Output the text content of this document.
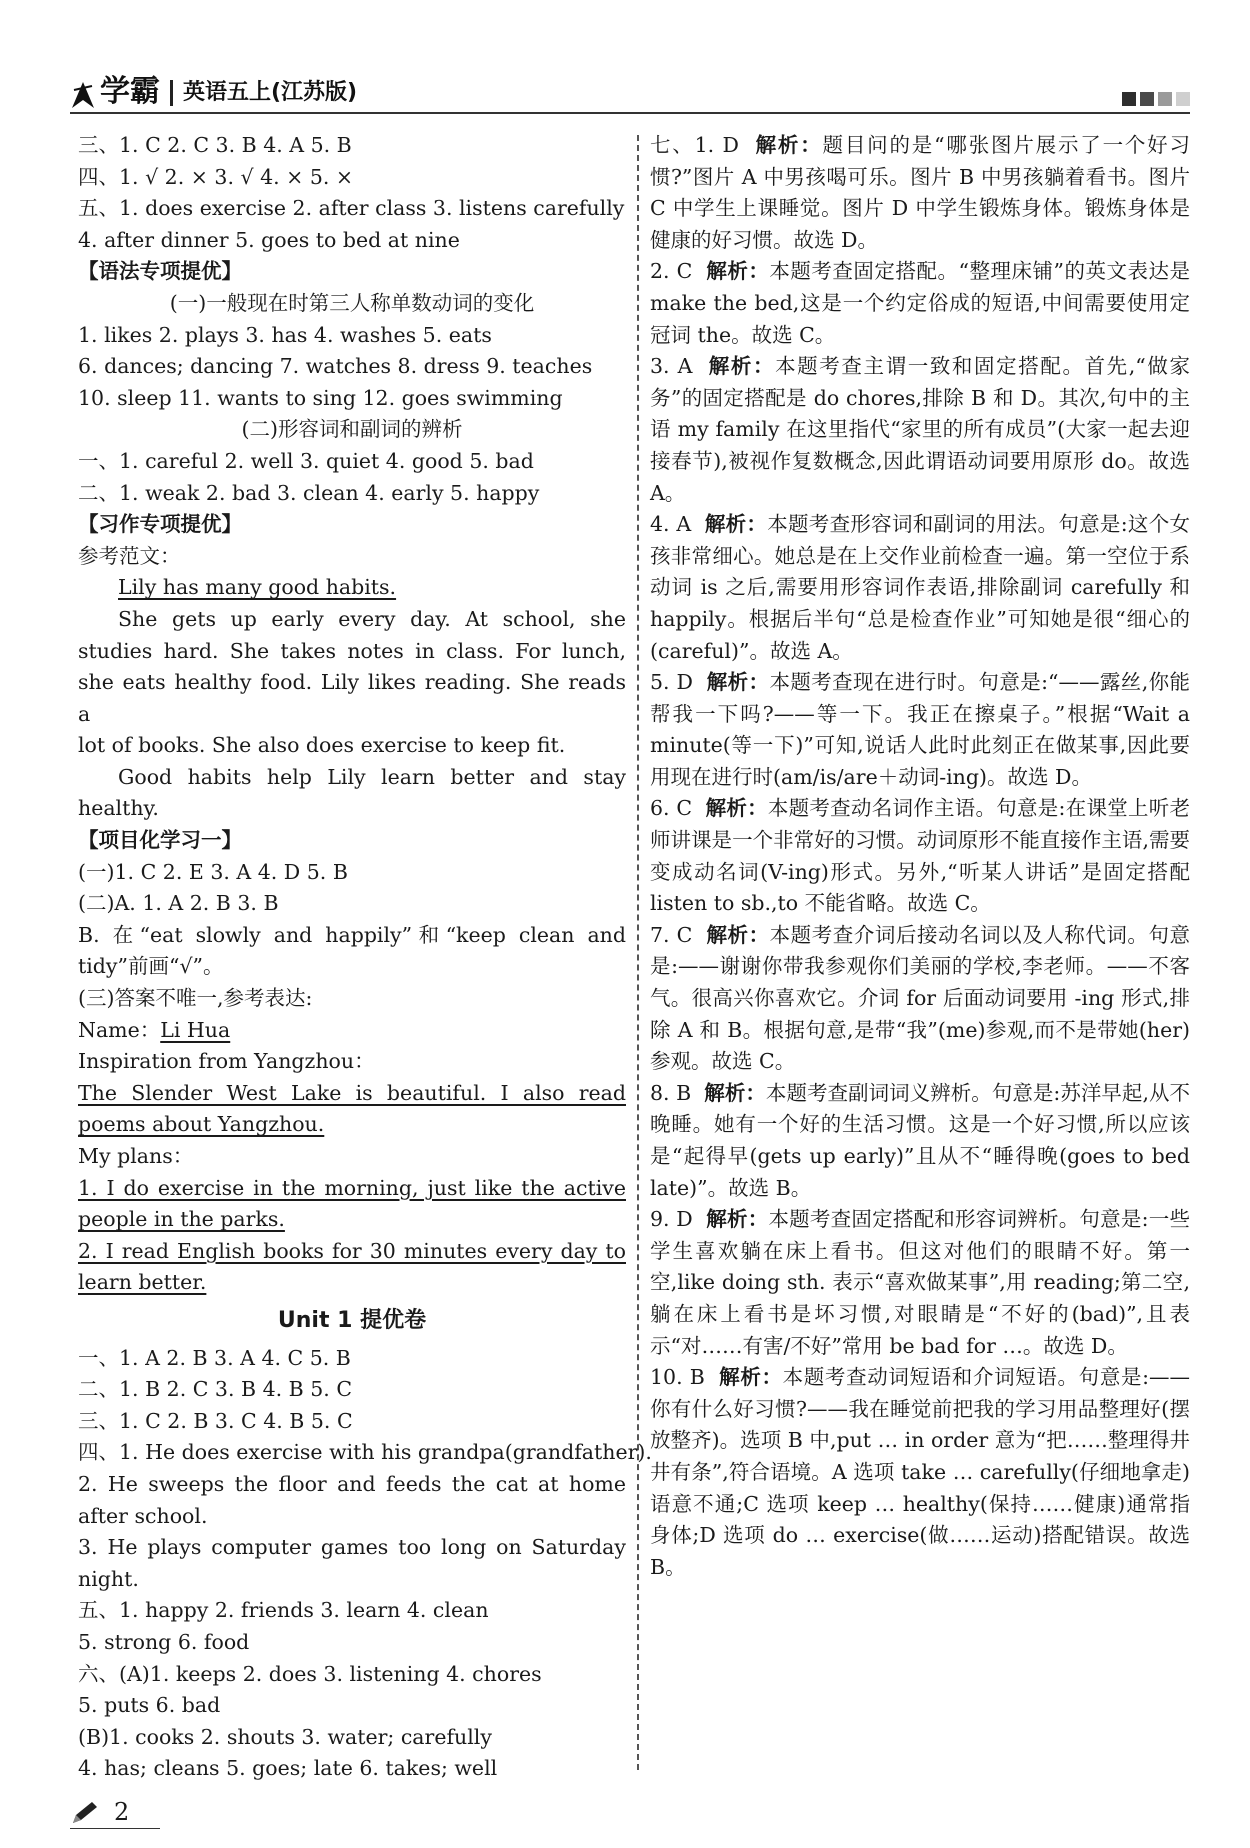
学霸 英语五上(江苏版)
三、1. C 2. C 3. B 4. A 5. B
四、1. √ 2. × 3. √ 4. × 5. ×
五、1. does exercise 2. after class 3. listens carefully
4. after dinner 5. goes to bed at nine
【语法专项提优】
(一)一般现在时第三人称单数动词的变化
1. likes 2. plays 3. has 4. washes 5. eats
6. dances; dancing 7. watches 8. dress 9. teaches
10. sleep 11. wants to sing 12. goes swimming
(二)形容词和副词的辨析
一、1. careful 2. well 3. quiet 4. good 5. bad
二、1. weak 2. bad 3. clean 4. early 5. happy
【习作专项提优】
参考范文：
Lily has many good habits.
She gets up early every day. At school, she
studies hard. She takes notes in class. For lunch,
she eats healthy food. Lily likes reading. She reads a
lot of books. She also does exercise to keep fit.
Good habits help Lily learn better and stay
healthy.
【项目化学习一】
(一)1. C 2. E 3. A 4. D 5. B
(二)A. 1. A 2. B 3. B
B. 在“eat slowly and happily”和“keep clean and
tidy”前画“√”。
(三)答案不唯一,参考表达:
Name：Li Hua
Inspiration from Yangzhou：
The Slender West Lake is beautiful. I also read
poems about Yangzhou.
My plans：
1. I do exercise in the morning, just like the active
people in the parks.
2. I read English books for 30 minutes every day to
learn better.
Unit 1 提优卷
一、1. A 2. B 3. A 4. C 5. B
二、1. B 2. C 3. B 4. B 5. C
三、1. C 2. B 3. C 4. B 5. C
四、1. He does exercise with his grandpa(grandfather).
2. He sweeps the floor and feeds the cat at home
after school.
3. He plays computer games too long on Saturday
night.
五、1. happy 2. friends 3. learn 4. clean
5. strong 6. food
六、(A)1. keeps 2. does 3. listening 4. chores
5. puts 6. bad
(B)1. cooks 2. shouts 3. water; carefully
4. has; cleans 5. goes; late 6. takes; well
七、1. D 解析：题目问的是“哪张图片展示了一个好习惯?”图片 A 中男孩喝可乐。图片 B 中男孩躺着看书。图片 C 中学生上课睡觉。图片 D 中学生锻炼身体。锻炼身体是健康的好习惯。故选 D。
2. C 解析：本题考查固定搭配。“整理床铺”的英文表达是 make the bed,这是一个约定俗成的短语,中间需要使用定冠词 the。故选 C。
3. A 解析：本题考查主谓一致和固定搭配。首先,“做家务”的固定搭配是 do chores,排除 B 和 D。其次,句中的主语 my family 在这里指代“家里的所有成员”(大家一起去迎接春节),被视作复数概念,因此谓语动词要用原形 do。故选 A。
4. A 解析：本题考查形容词和副词的用法。句意是:这个女孩非常细心。她总是在上交作业前检查一遍。第一空位于系动词 is 之后,需要用形容词作表语,排除副词 carefully 和 happily。根据后半句“总是检查作业”可知她是很“细心的(careful)”。故选 A。
5. D 解析：本题考查现在进行时。句意是:“——露丝,你能帮我一下吗?——等一下。我正在擦桌子。”根据“Wait a minute(等一下)”可知,说话人此时此刻正在做某事,因此要用现在进行时(am/is/are＋动词-ing)。故选 D。
6. C 解析：本题考查动名词作主语。句意是:在课堂上听老师讲课是一个非常好的习惯。动词原形不能直接作主语,需要变成动名词(V-ing)形式。另外,“听某人讲话”是固定搭配 listen to sb.,to 不能省略。故选 C。
7. C 解析：本题考查介词后接动名词以及人称代词。句意是:——谢谢你带我参观你们美丽的学校,李老师。——不客气。很高兴你喜欢它。介词 for 后面动词要用 -ing 形式,排除 A 和 B。根据句意,是带“我”(me)参观,而不是带她(her)参观。故选 C。
8. B 解析：本题考查副词词义辨析。句意是:苏洋早起,从不晚睡。她有一个好的生活习惯。这是一个好习惯,所以应该是“起得早(gets up early)”且从不“睡得晚(goes to bed late)”。故选 B。
9. D 解析：本题考查固定搭配和形容词辨析。句意是:一些学生喜欢躺在床上看书。但这对他们的眼睛不好。第一空,like doing sth. 表示“喜欢做某事”,用 reading;第二空,躺在床上看书是坏习惯,对眼睛是“不好的(bad)”,且表示“对……有害/不好”常用 be bad for …。故选 D。
10. B 解析：本题考查动词短语和介词短语。句意是:——你有什么好习惯?——我在睡觉前把我的学习用品整理好(摆放整齐)。选项 B 中,put … in order 意为“把……整理得井井有条”,符合语境。A 选项 take … carefully(仔细地拿走)语意不通;C 选项 keep … healthy(保持……健康)通常指身体;D 选项 do … exercise(做……运动)搭配错误。故选 B。
2
